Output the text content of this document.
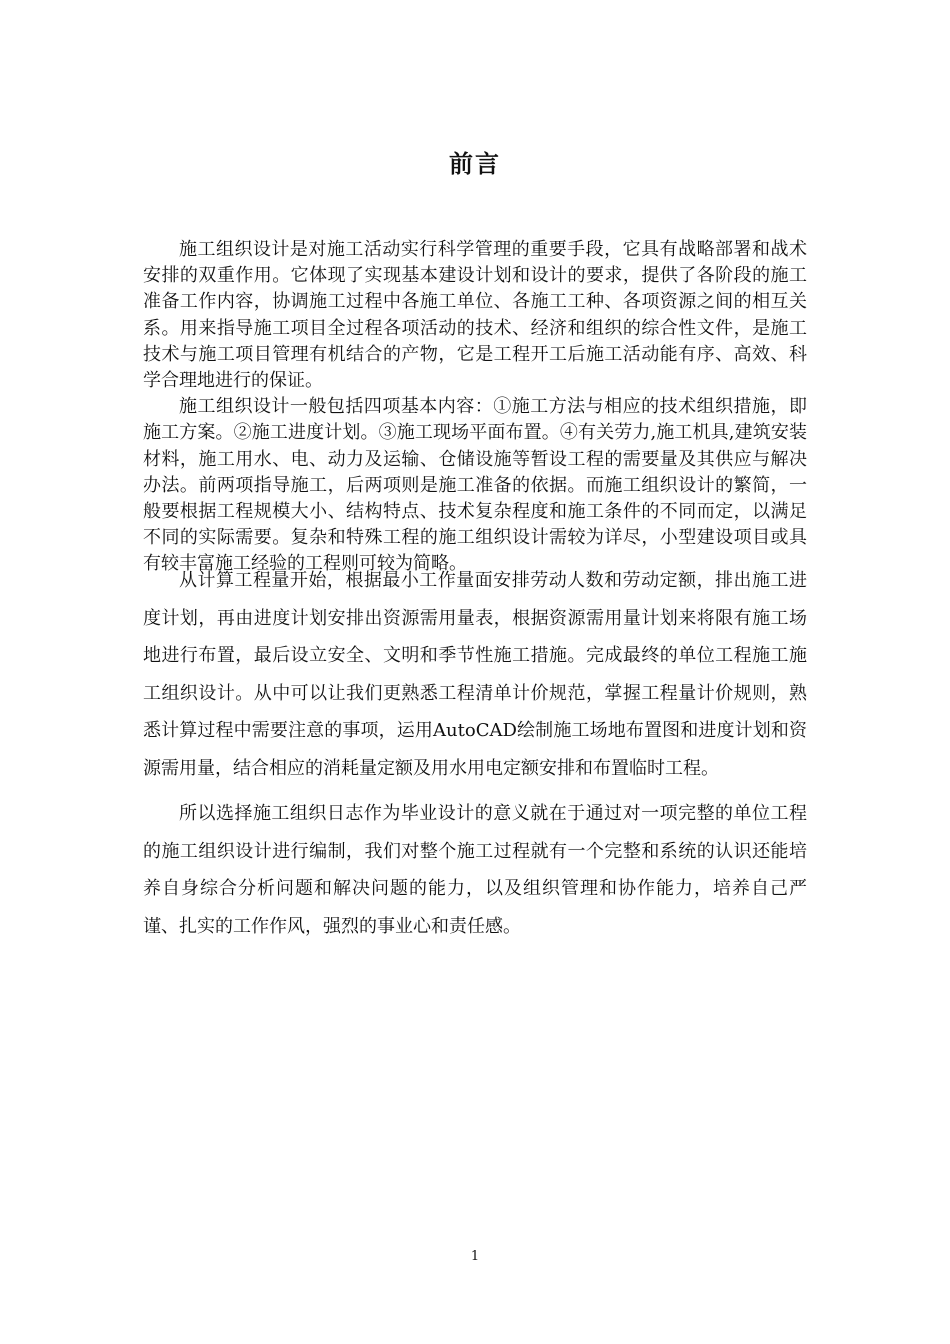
前言

施工组织设计是对施工活动实行科学管理的重要手段，它具有战略部署和战术安排的双重作用。它体现了实现基本建设计划和设计的要求，提供了各阶段的施工准备工作内容，协调施工过程中各施工单位、各施工工种、各项资源之间的相互关系。用来指导施工项目全过程各项活动的技术、经济和组织的综合性文件，是施工技术与施工项目管理有机结合的产物，它是工程开工后施工活动能有序、高效、科学合理地进行的保证。

施工组织设计一般包括四项基本内容：①施工方法与相应的技术组织措施，即施工方案。②施工进度计划。③施工现场平面布置。④有关劳力,施工机具,建筑安装材料，施工用水、电、动力及运输、仓储设施等暂设工程的需要量及其供应与解决办法。前两项指导施工，后两项则是施工准备的依据。而施工组织设计的繁简，一般要根据工程规模大小、结构特点、技术复杂程度和施工条件的不同而定，以满足不同的实际需要。复杂和特殊工程的施工组织设计需较为详尽，小型建设项目或具有较丰富施工经验的工程则可较为简略。

从计算工程量开始，根据最小工作量面安排劳动人数和劳动定额，排出施工进度计划，再由进度计划安排出资源需用量表，根据资源需用量计划来将限有施工场地进行布置，最后设立安全、文明和季节性施工措施。完成最终的单位工程施工施工组织设计。从中可以让我们更熟悉工程清单计价规范，掌握工程量计价规则，熟悉计算过程中需要注意的事项，运用AutoCAD绘制施工场地布置图和进度计划和资源需用量，结合相应的消耗量定额及用水用电定额安排和布置临时工程。

所以选择施工组织日志作为毕业设计的意义就在于通过对一项完整的单位工程的施工组织设计进行编制，我们对整个施工过程就有一个完整和系统的认识还能培养自身综合分析问题和解决问题的能力，以及组织管理和协作能力，培养自己严谨、扎实的工作作风，强烈的事业心和责任感。

1
